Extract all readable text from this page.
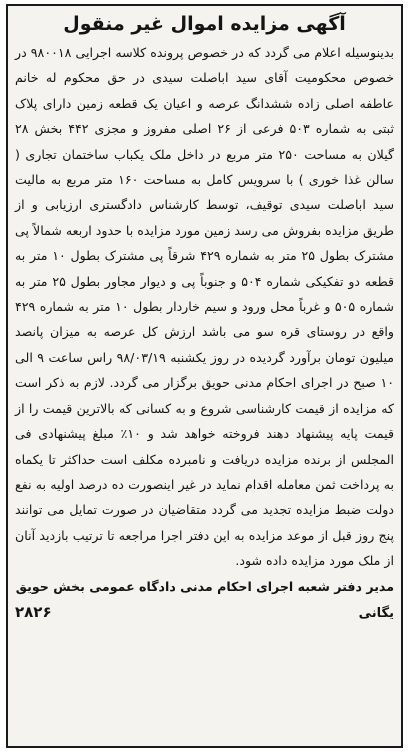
آگهی مزایده اموال غیر منقول

بدینوسیله اعلام می گردد که در خصوص پرونده کلاسه اجرایی ۹۸۰۰۱۸ در خصوص محکومیت آقای سید ابا‌صلت سیدی در حق محکوم له خانم عاطفه اصلی زاده ششدانگ عرصه و اعیان یک قطعه زمین دارای پلاک ثبتی به شماره ۵۰۳ فرعی از ۲۶ اصلی مفروز و مجزی ۴۴۲ بخش ۲۸ گیلان به مساحت ۲۵۰ متر مربع در داخل ملک یکباب ساختمان تجاری ( سالن غذا خوری ) با سرویس کامل به مساحت ۱۶۰ متر مربع به مالیت سید اباصلت سیدی توقیف، توسط کارشناس دادگستری ارزیابی و از طریق مزایده بفروش می رسد زمین مورد مزایده با حدود اربعه شمالاً پی مشترک بطول ۲۵ متر به شماره ۴۲۹ شرقاً پی مشترک بطول ۱۰ متر به قطعه دو تفکیکی شماره ۵۰۴ و جنوباً پی و دیوار مجاور بطول ۲۵ متر به شماره ۵۰۵ و غرباً محل ورود و سیم خاردار بطول ۱۰ متر به شماره ۴۲۹ واقع در روستای قره سو می باشد ارزش کل عرصه به میزان پانصد میلیون تومان برآورد گردیده در روز یکشنبه ۹۸/۰۳/۱۹ راس ساعت ۹ الی ۱۰ صبح در اجرای احکام مدنی حویق برگزار می گردد. لازم به ذکر است که مزایده از قیمت کارشناسی شروع و به کسانی که بالاترین قیمت را از قیمت پایه پیشنهاد دهند فروخته خواهد شد و ۱۰٪ مبلغ پیشنهادی فی المجلس از برنده مزایده دریافت و نامبرده مکلف است حداکثر تا یکماه به پرداخت ثمن معامله اقدام نماید در غیر اینصورت ده درصد اولیه به نفع دولت ضبط مزایده تجدید می گردد متقاضیان در صورت تمایل می توانند پنج روز قبل از موعد مزایده به این دفتر اجرا مراجعه تا ترتیب بازدید آنان از ملک مورد مزایده داده شود.

مدیر دفتر شعبه اجرای احکام مدنی دادگاه عمومی بخش حویق
یگانی
۲۸۲۶
